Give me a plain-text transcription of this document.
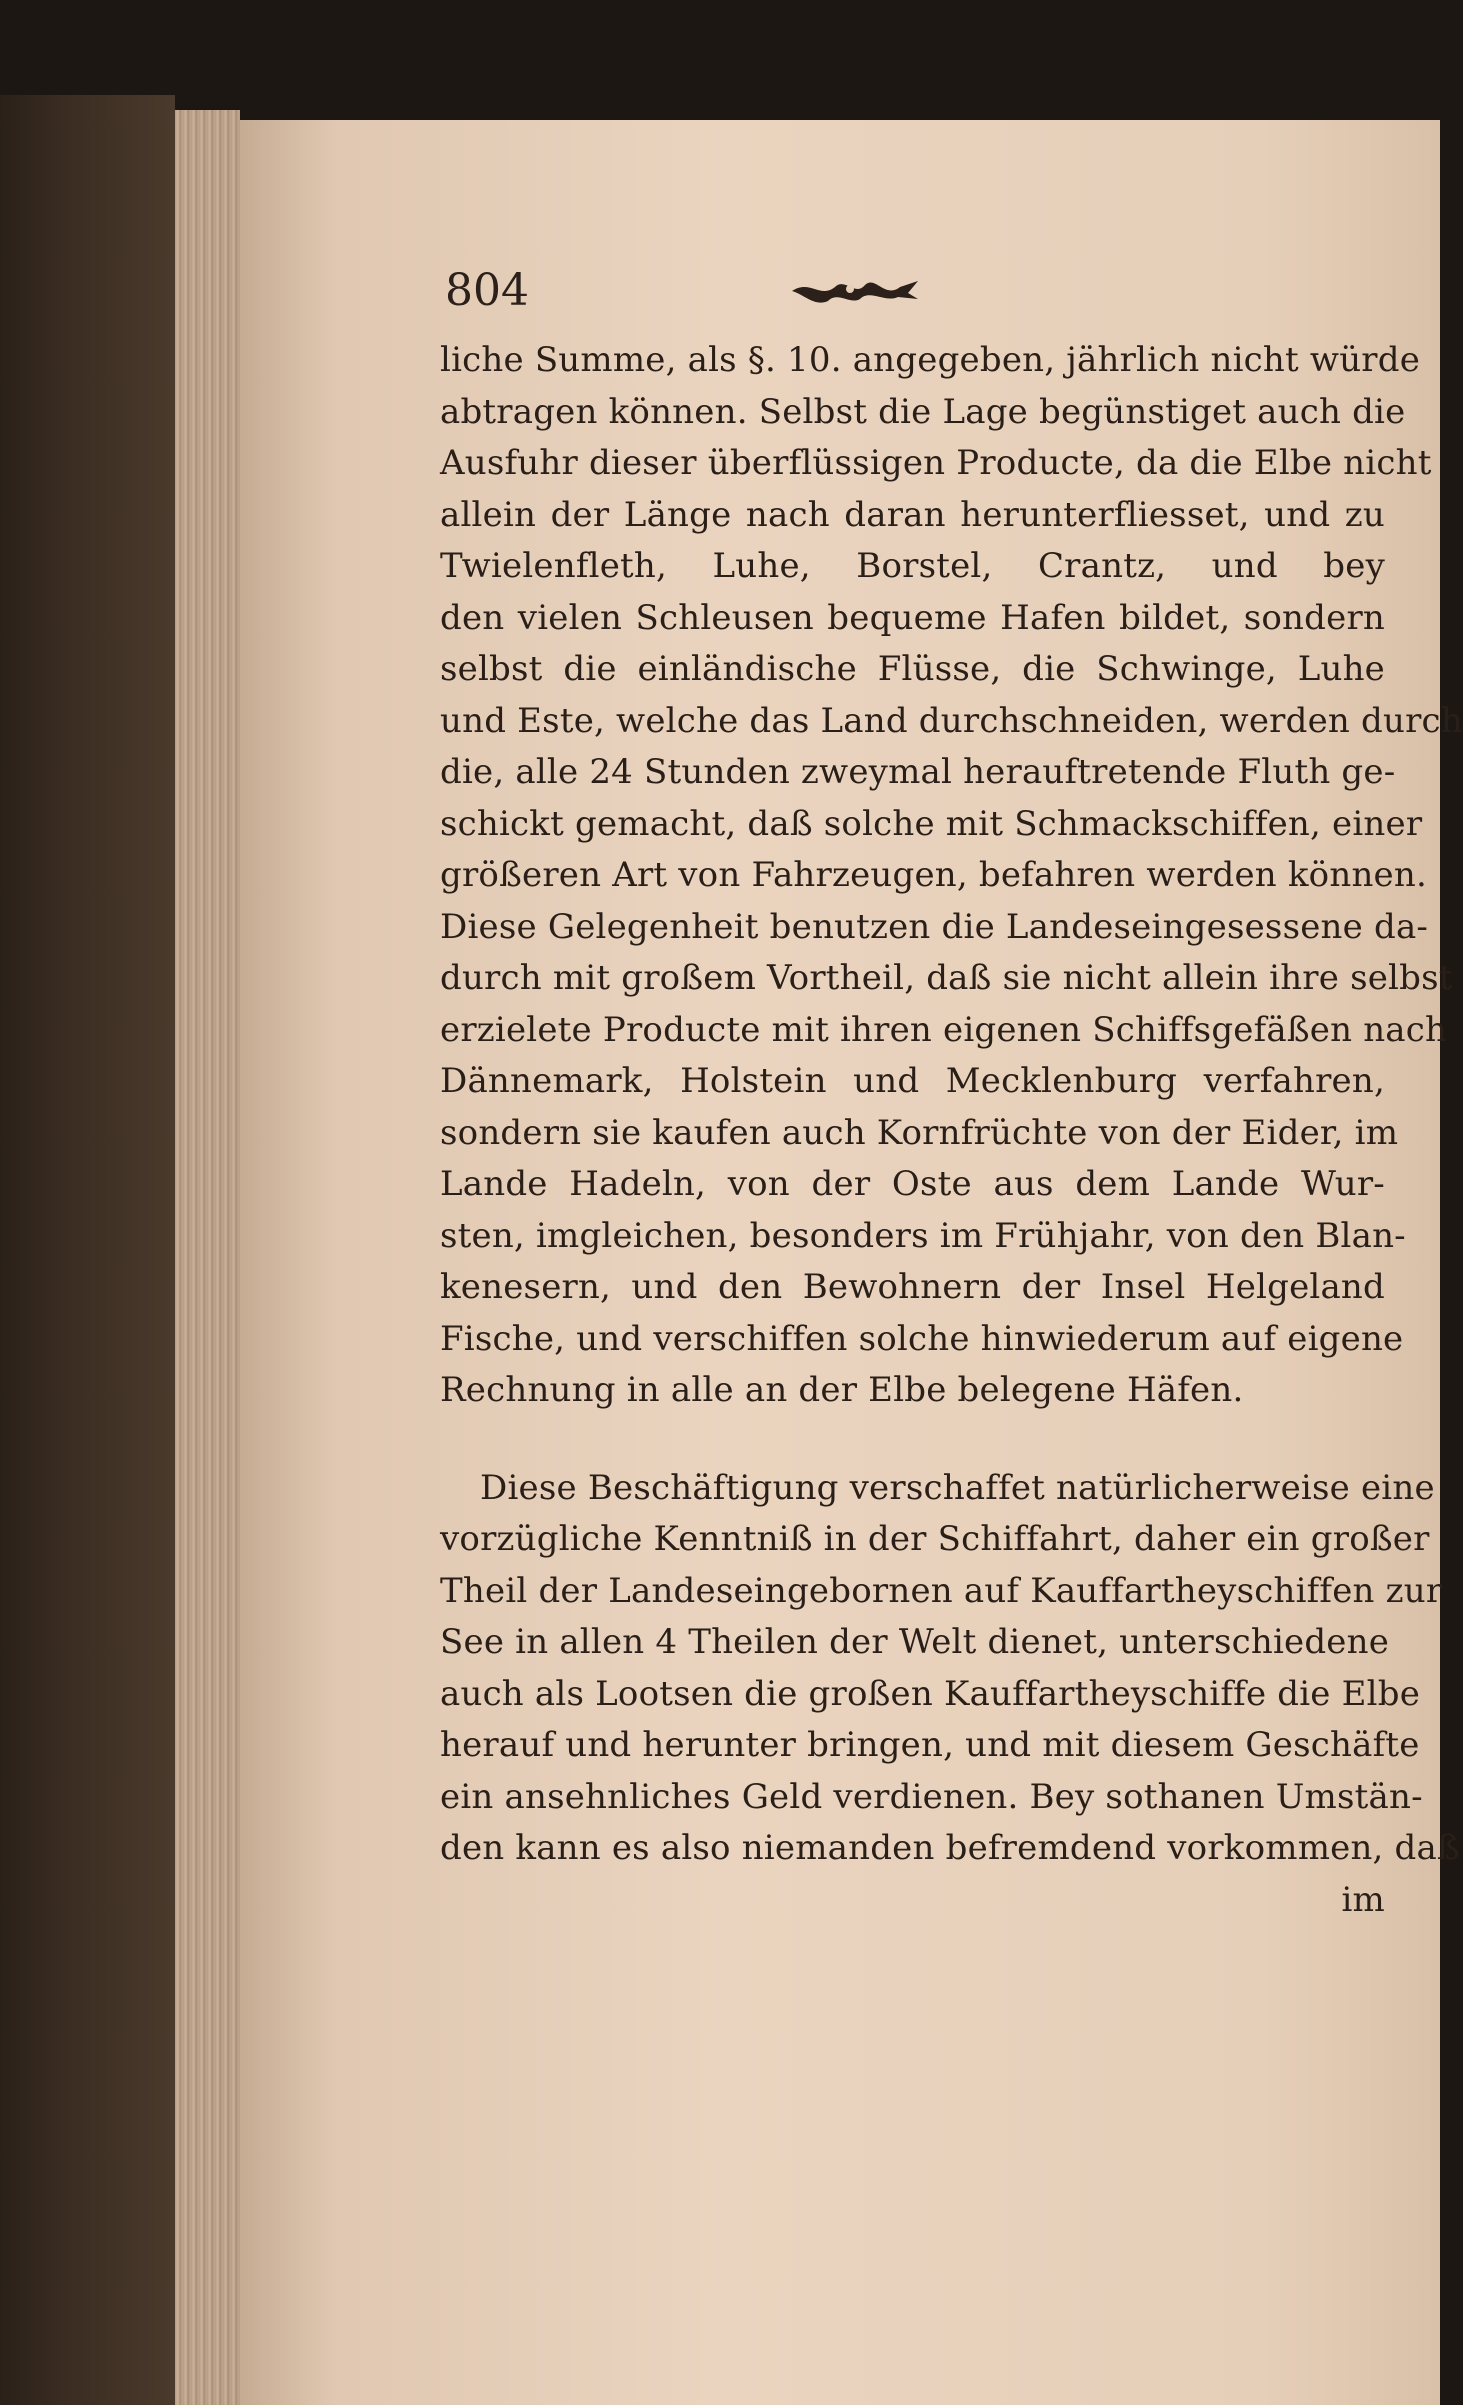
804
liche Summe, als §. 10. angegeben, jährlich nicht würde
abtragen können. Selbst die Lage begünstiget auch die
Ausfuhr dieser überflüssigen Producte, da die Elbe nicht
allein der Länge nach daran herunterfliesset, und zu
Twielenfleth, Luhe, Borstel, Crantz, und bey
den vielen Schleusen bequeme Hafen bildet, sondern
selbst die einländische Flüsse, die Schwinge, Luhe
und Este, welche das Land durchschneiden, werden durch
die, alle 24 Stunden zweymal herauftretende Fluth ge-
schickt gemacht, daß solche mit Schmackschiffen, einer
größeren Art von Fahrzeugen, befahren werden können.
Diese Gelegenheit benutzen die Landeseingesessene da-
durch mit großem Vortheil, daß sie nicht allein ihre selbst
erzielete Producte mit ihren eigenen Schiffsgefäßen nach
Dännemark, Holstein und Mecklenburg verfahren,
sondern sie kaufen auch Kornfrüchte von der Eider, im
Lande Hadeln, von der Oste aus dem Lande Wur-
sten, imgleichen, besonders im Frühjahr, von den Blan-
kenesern, und den Bewohnern der Insel Helgeland
Fische, und verschiffen solche hinwiederum auf eigene
Rechnung in alle an der Elbe belegene Häfen.
Diese Beschäftigung verschaffet natürlicherweise eine
vorzügliche Kenntniß in der Schiffahrt, daher ein großer
Theil der Landeseingebornen auf Kauffartheyschiffen zur
See in allen 4 Theilen der Welt dienet, unterschiedene
auch als Lootsen die großen Kauffartheyschiffe die Elbe
herauf und herunter bringen, und mit diesem Geschäfte
ein ansehnliches Geld verdienen. Bey sothanen Umstän-
den kann es also niemanden befremdend vorkommen, daß
im
